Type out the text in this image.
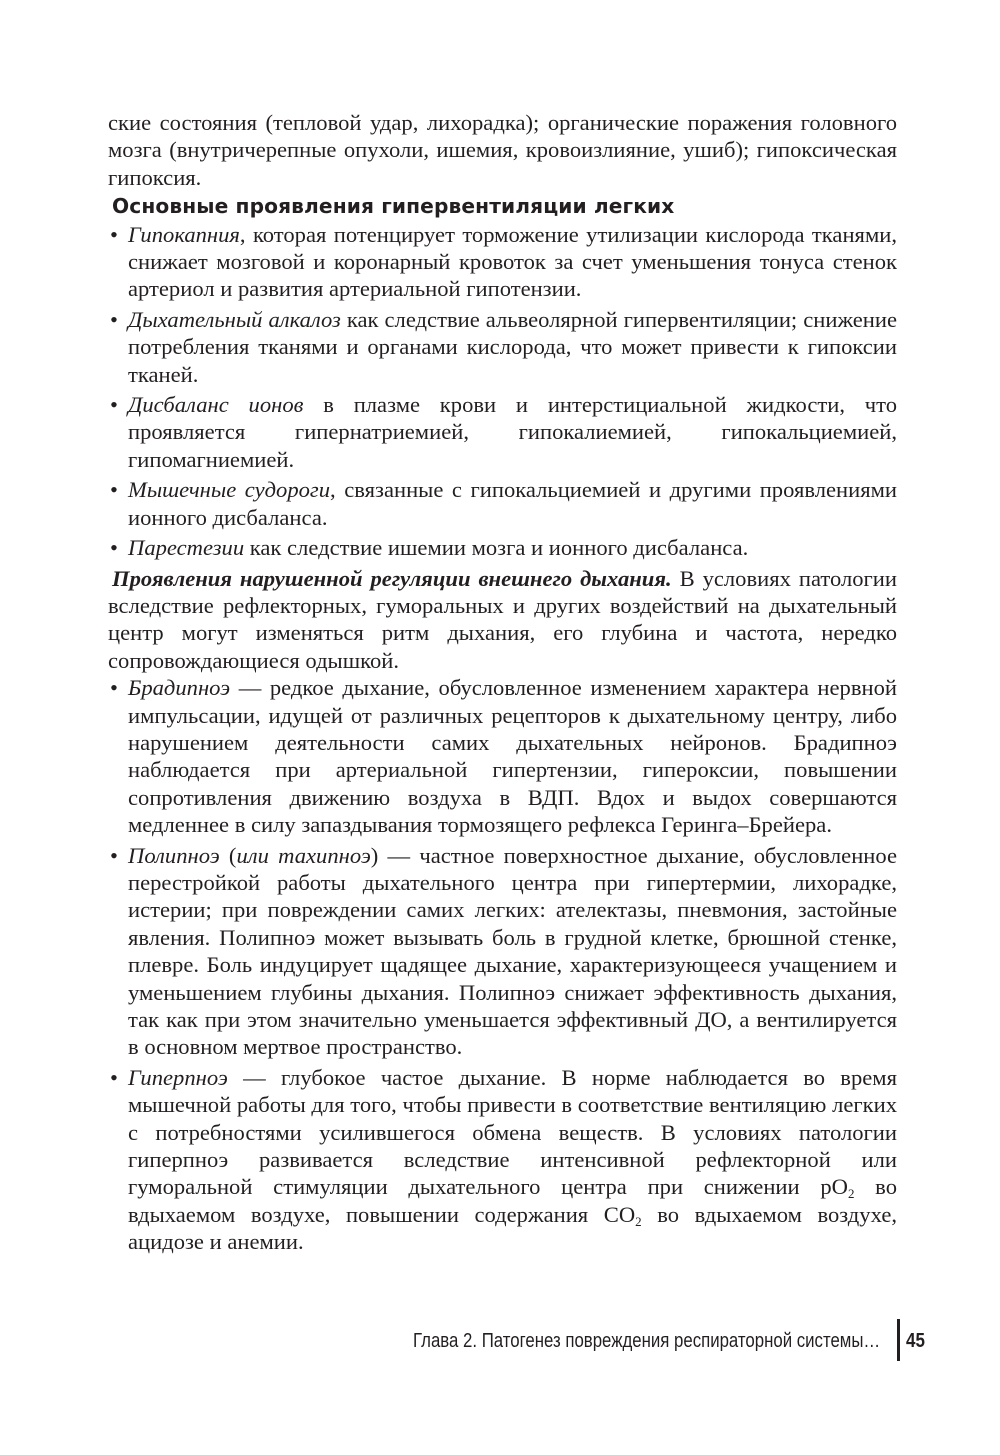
ские состояния (тепловой удар, лихорадка); органические поражения головного мозга (внутричерепные опухоли, ишемия, кровоизлияние, ушиб); гипоксическая гипоксия.

Основные проявления гипервентиляции легких

• Гипокапния, которая потенцирует торможение утилизации кислорода тканями, снижает мозговой и коронарный кровоток за счет уменьшения тонуса стенок артериол и развития артериальной гипотензии.
• Дыхательный алкалоз как следствие альвеолярной гипервентиляции; снижение потребления тканями и органами кислорода, что может привести к гипоксии тканей.
• Дисбаланс ионов в плазме крови и интерстициальной жидкости, что проявляется гипернатриемией, гипокалиемией, гипокальциемией, гипомагниемией.
• Мышечные судороги, связанные с гипокальциемией и другими проявлениями ионного дисбаланса.
• Парестезии как следствие ишемии мозга и ионного дисбаланса.

Проявления нарушенной регуляции внешнего дыхания. В условиях патологии вследствие рефлекторных, гуморальных и других воздействий на дыхательный центр могут изменяться ритм дыхания, его глубина и частота, нередко сопровождающиеся одышкой.

• Брадипноэ — редкое дыхание, обусловленное изменением характера нервной импульсации, идущей от различных рецепторов к дыхательному центру, либо нарушением деятельности самих дыхательных нейронов. Брадипноэ наблюдается при артериальной гипертензии, гипероксии, повышении сопротивления движению воздуха в ВДП. Вдох и выдох совершаются медленнее в силу запаздывания тормозящего рефлекса Геринга–Брейера.
• Полипноэ (или тахипноэ) — частное поверхностное дыхание, обусловленное перестройкой работы дыхательного центра при гипертермии, лихорадке, истерии; при повреждении самих легких: ателектазы, пневмония, застойные явления. Полипноэ может вызывать боль в грудной клетке, брюшной стенке, плевре. Боль индуцирует щадящее дыхание, характеризующееся учащением и уменьшением глубины дыхания. Полипноэ снижает эффективность дыхания, так как при этом значительно уменьшается эффективный ДО, а вентилируется в основном мертвое пространство.
• Гиперпноэ — глубокое частое дыхание. В норме наблюдается во время мышечной работы для того, чтобы привести в соответствие вентиляцию легких с потребностями усилившегося обмена веществ. В условиях патологии гиперпноэ развивается вследствие интенсивной рефлекторной или гуморальной стимуляции дыхательного центра при снижении $рO_2$ во вдыхаемом воздухе, повышении содержания $СО_2$ во вдыхаемом воздухе, ацидозе и анемии.
Глава 2. Патогенез повреждения респираторной системы… 45
